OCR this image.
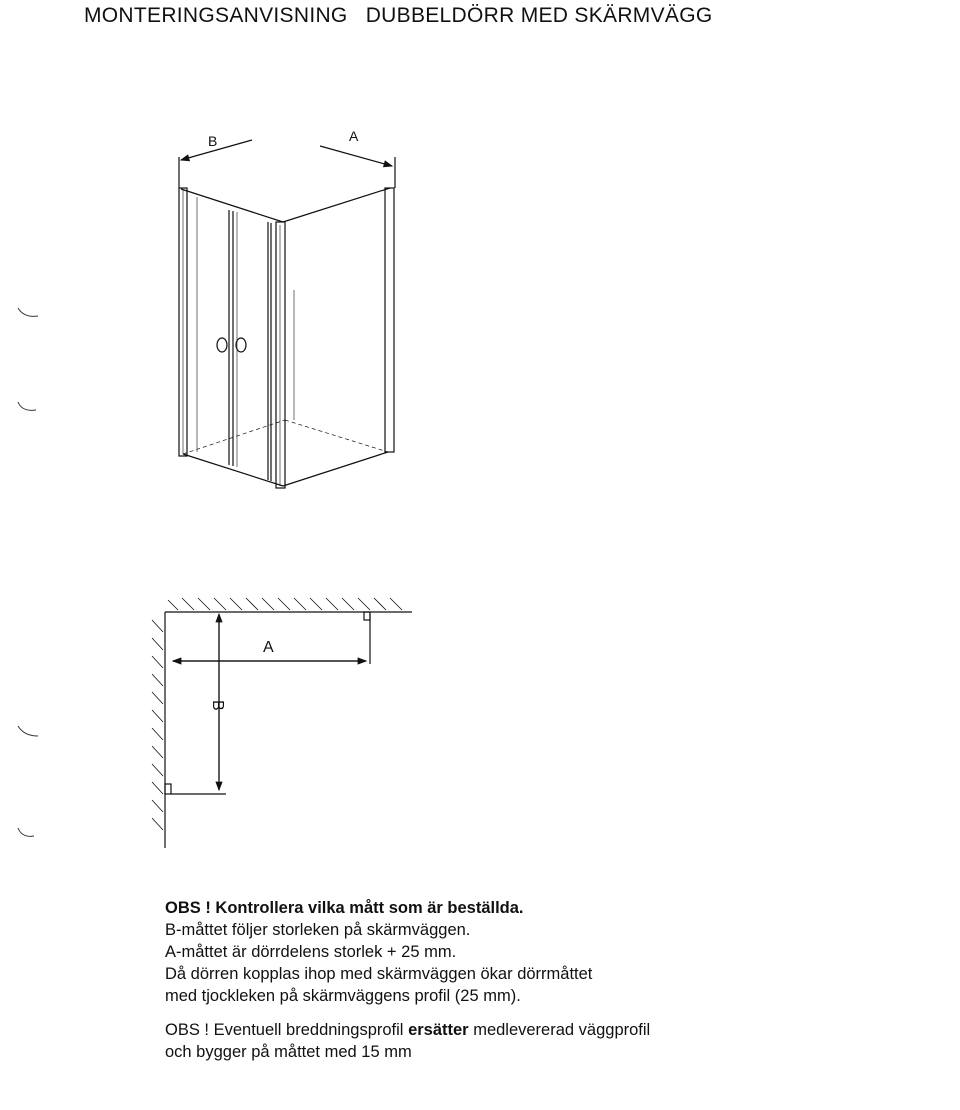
MONTERINGSANVISNING DUBBELDÖRR MED SKÄRMVÄGG
B	A
A
B

OBS ! Kontrollera vilka mått som är beställda.

B-måttet följer storleken på skärmväggen.

A-måttet är dörrdelens storlek + 25 mm.

Då dörren kopplas ihop med skärmväggen ökar dörrmåttet

med tjockleken på skärmväggens profil (25 mm).

OBS ! Eventuell breddningsprofil ersätter medlevererad väggprofil

och bygger på måttet med 15 mm
